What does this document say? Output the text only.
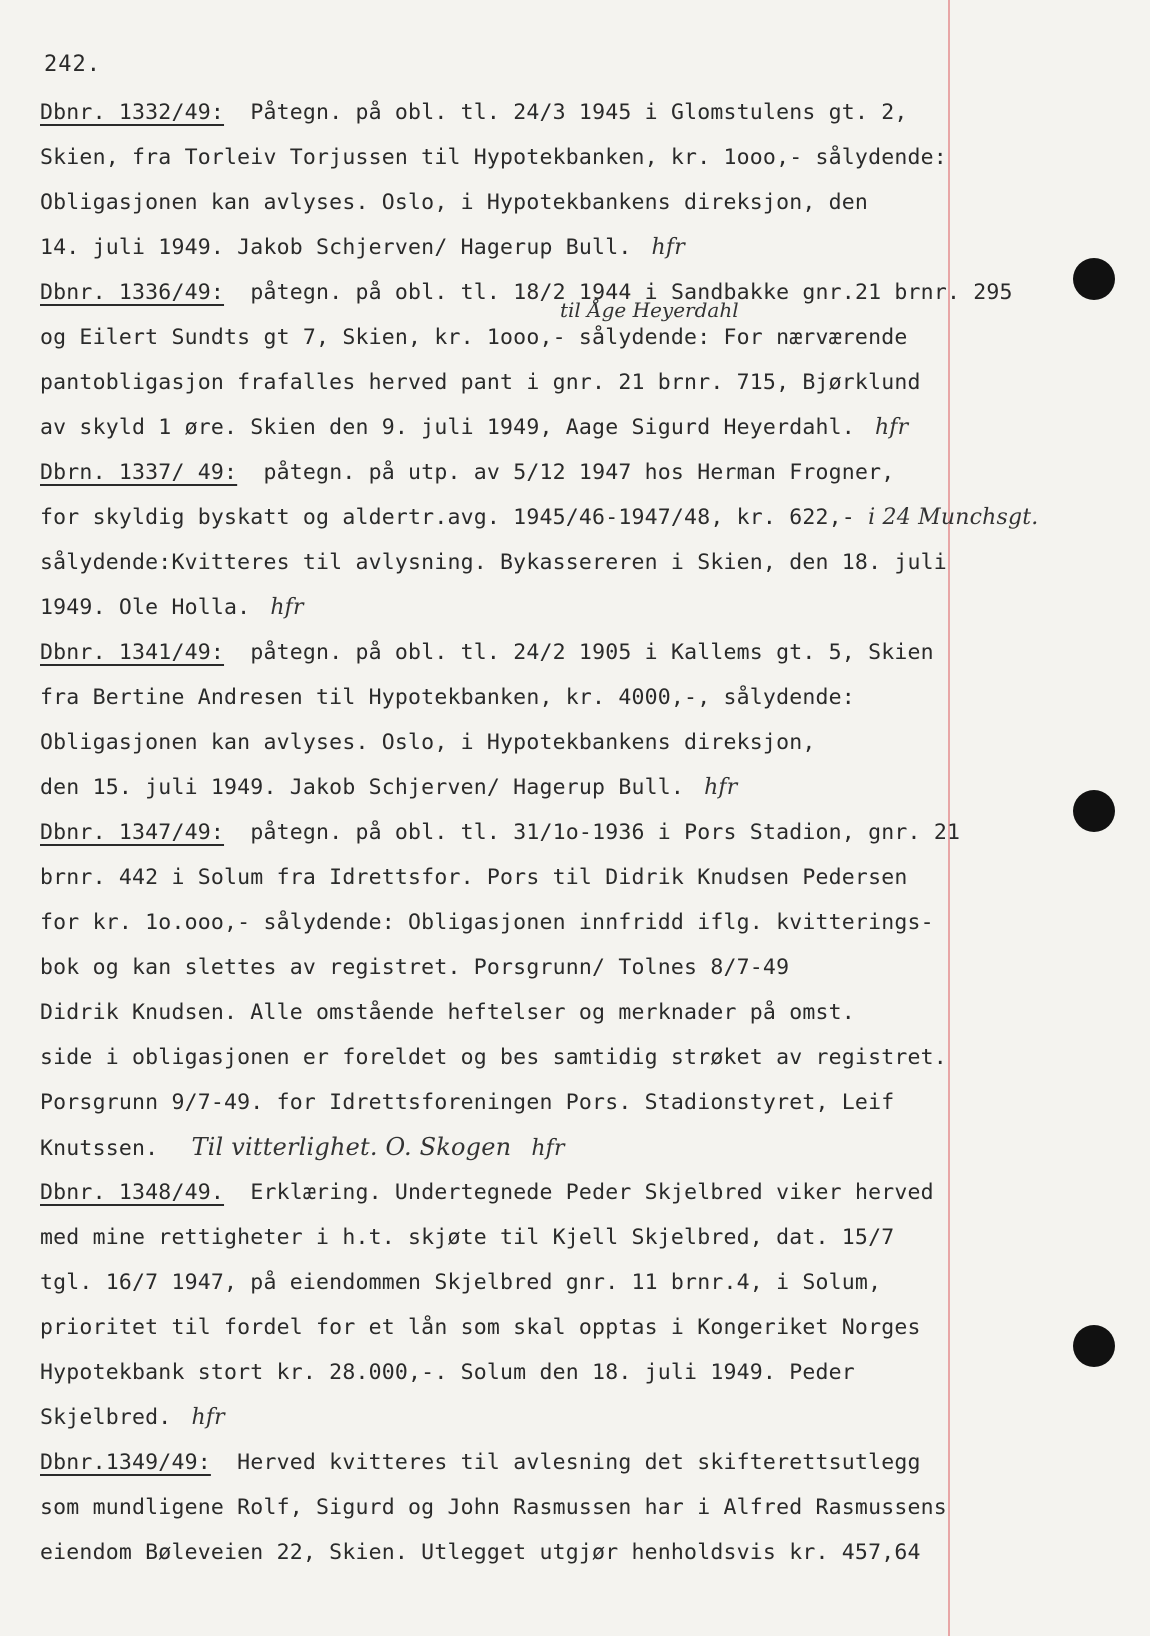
242.
Dbnr. 1332/49: Påtegn. på obl. tl. 24/3 1945 i Glomstulens gt. 2,
Skien, fra Torleiv Torjussen til Hypotekbanken, kr. 1ooo,- sålydende:
Obligasjonen kan avlyses. Oslo, i Hypotekbankens direksjon, den
14. juli 1949. Jakob Schjerven/ Hagerup Bull. hfr
Dbnr. 1336/49: påtegn. på obl. tl. 18/2 1944 i Sandbakke gnr.21 brnr. 295
til Åge Heyerdahl
og Eilert Sundts gt 7, Skien, kr. 1ooo,- sålydende: For nærværende
pantobligasjon frafalles herved pant i gnr. 21 brnr. 715, Bjørklund
av skyld 1 øre. Skien den 9. juli 1949, Aage Sigurd Heyerdahl. hfr
Dbrn. 1337/ 49: påtegn. på utp. av 5/12 1947 hos Herman Frogner,
for skyldig byskatt og aldertr.avg. 1945/46-1947/48, kr. 622,- i 24 Munchsgt.
sålydende:Kvitteres til avlysning. Bykassereren i Skien, den 18. juli
1949. Ole Holla. hfr
Dbnr. 1341/49: påtegn. på obl. tl. 24/2 1905 i Kallems gt. 5, Skien
fra Bertine Andresen til Hypotekbanken, kr. 4000,-, sålydende:
Obligasjonen kan avlyses. Oslo, i Hypotekbankens direksjon,
den 15. juli 1949. Jakob Schjerven/ Hagerup Bull. hfr
Dbnr. 1347/49: påtegn. på obl. tl. 31/1o-1936 i Pors Stadion, gnr. 21
brnr. 442 i Solum fra Idrettsfor. Pors til Didrik Knudsen Pedersen
for kr. 1o.ooo,- sålydende: Obligasjonen innfridd iflg. kvitterings-
bok og kan slettes av registret. Porsgrunn/ Tolnes 8/7-49
Didrik Knudsen. Alle omstående heftelser og merknader på omst.
side i obligasjonen er foreldet og bes samtidig strøket av registret.
Porsgrunn 9/7-49. for Idrettsforeningen Pors. Stadionstyret, Leif
Knutssen. Til vitterlighet. O. Skogen hfr
Dbnr. 1348/49. Erklæring. Undertegnede Peder Skjelbred viker herved
med mine rettigheter i h.t. skjøte til Kjell Skjelbred, dat. 15/7
tgl. 16/7 1947, på eiendommen Skjelbred gnr. 11 brnr.4, i Solum,
prioritet til fordel for et lån som skal opptas i Kongeriket Norges
Hypotekbank stort kr. 28.000,-. Solum den 18. juli 1949. Peder
Skjelbred. hfr
Dbnr.1349/49: Herved kvitteres til avlesning det skifterettsutlegg
som mundligene Rolf, Sigurd og John Rasmussen har i Alfred Rasmussens
eiendom Bøleveien 22, Skien. Utlegget utgjør henholdsvis kr. 457,64
